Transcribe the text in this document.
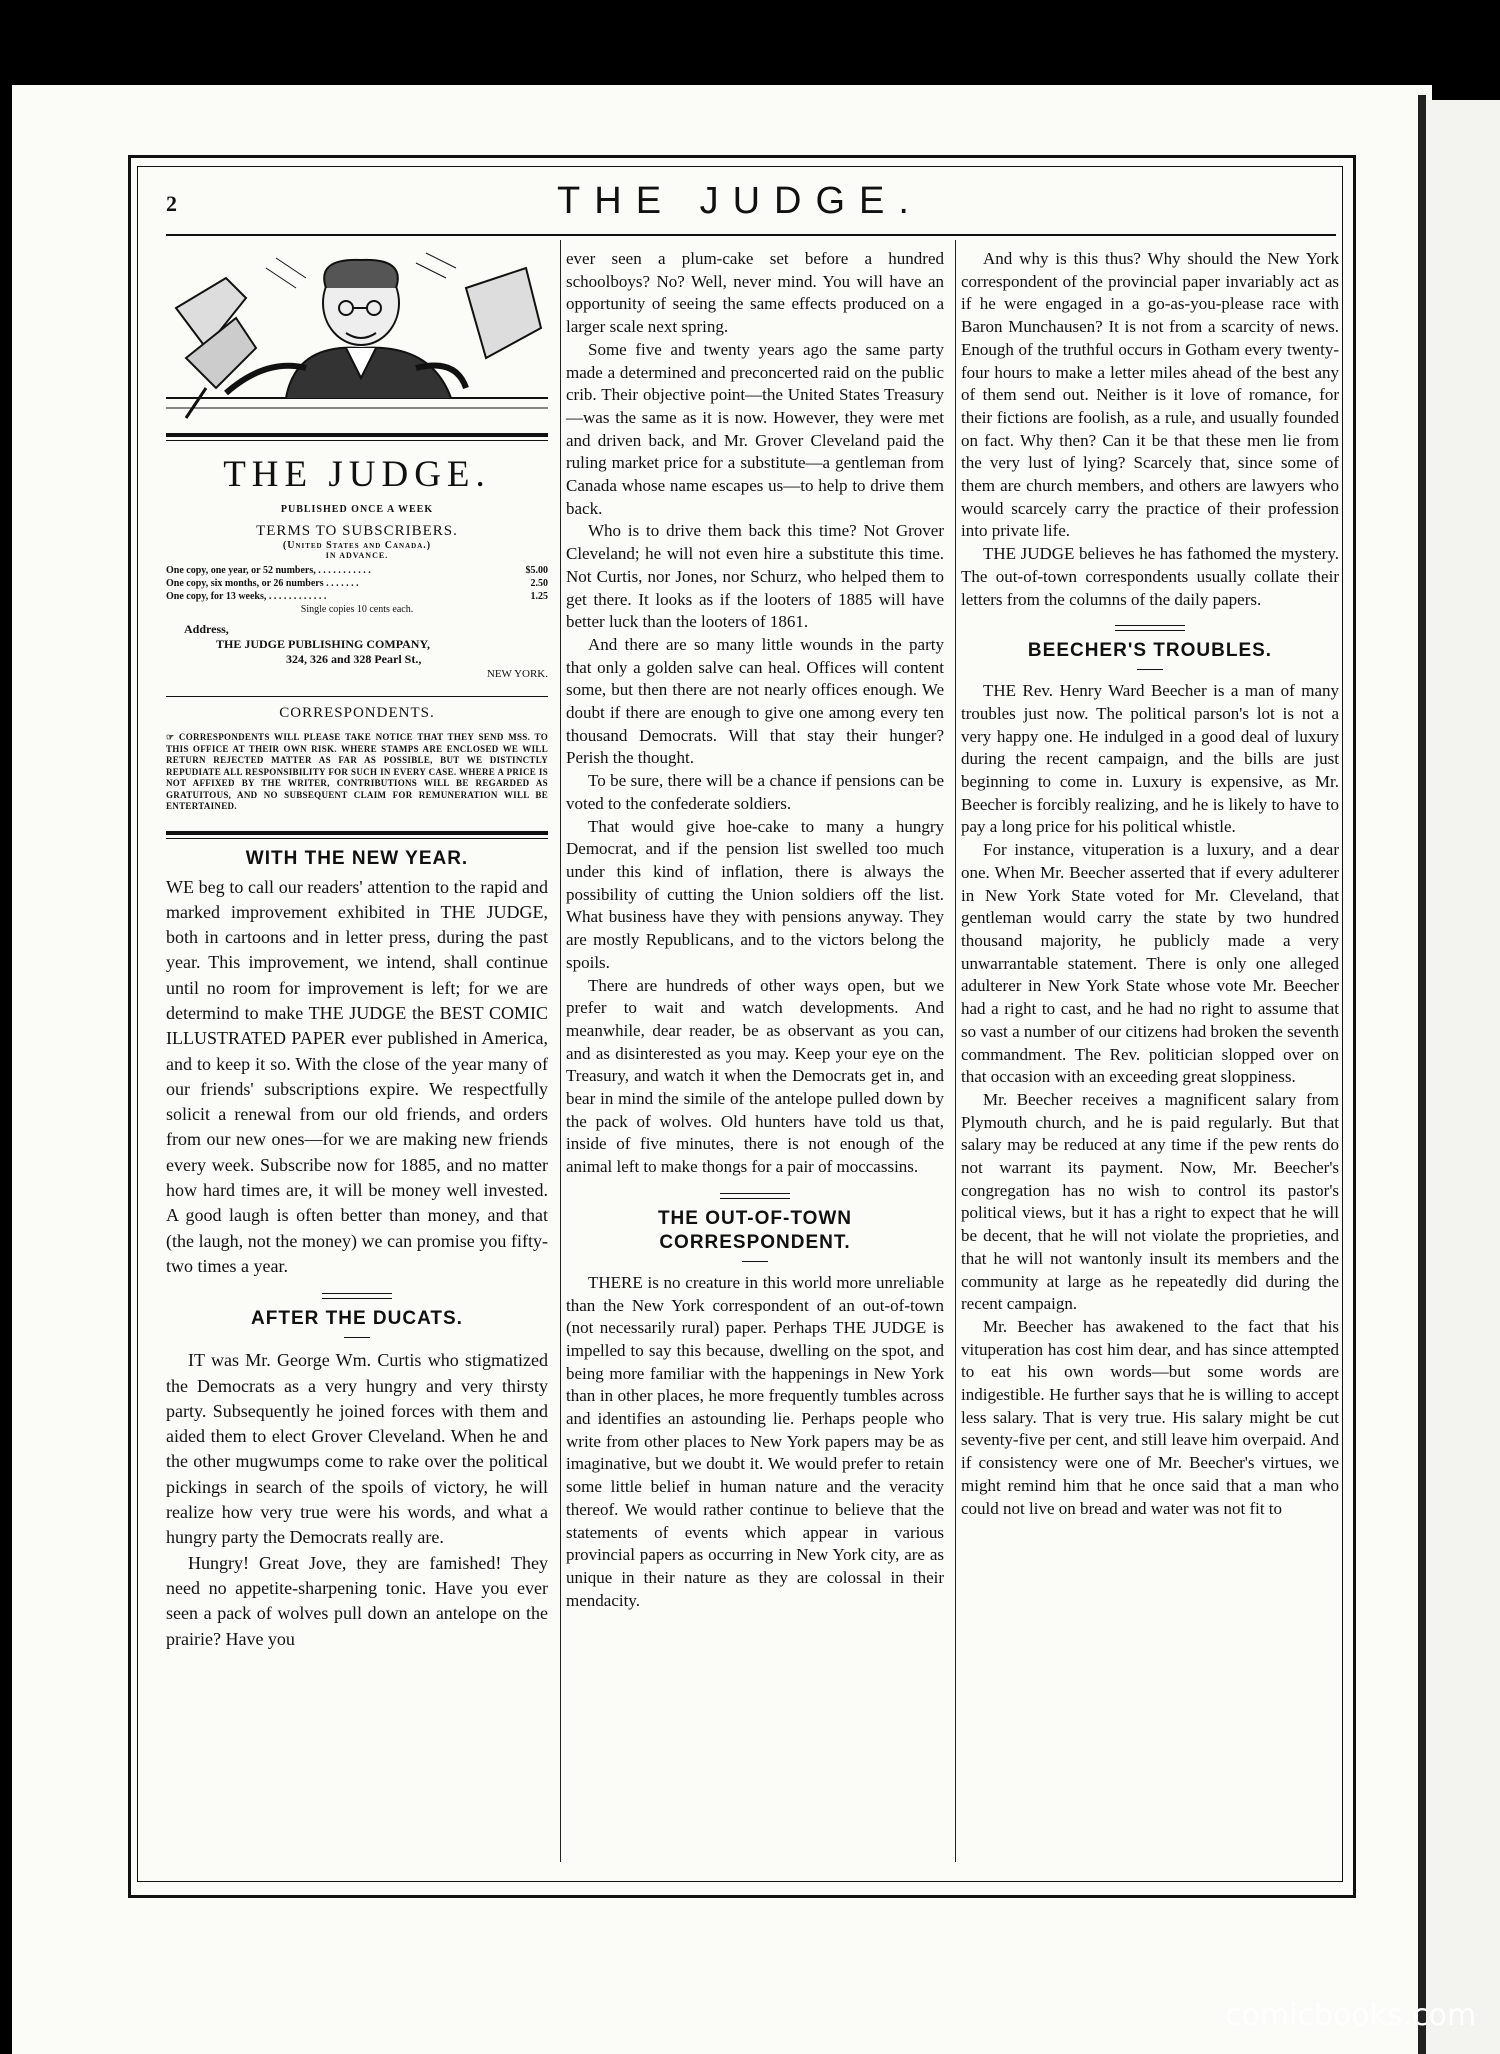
2	THE JUDGE.
THE JUDGE.
PUBLISHED ONCE A WEEK
TERMS TO SUBSCRIBERS.
(United States and Canada.)
IN ADVANCE.
One copy, one year, or 52 numbers, . . . . . . . . . . .	$5.00
One copy, six months, or 26 numbers . . . . . . .	2.50
One copy, for 13 weeks, . . . . . . . . . . . .	1.25
Single copies 10 cents each.
Address,
THE JUDGE PUBLISHING COMPANY,
324, 326 and 328 Pearl St.,
NEW YORK.
CORRESPONDENTS.
☞ CORRESPONDENTS WILL PLEASE TAKE NOTICE THAT THEY SEND MSS. TO THIS OFFICE AT THEIR OWN RISK. WHERE STAMPS ARE ENCLOSED WE WILL RETURN REJECTED MATTER AS FAR AS POSSIBLE, BUT WE DISTINCTLY REPUDIATE ALL RESPONSIBILITY FOR SUCH IN EVERY CASE. WHERE A PRICE IS NOT AFFIXED BY THE WRITER, CONTRIBUTIONS WILL BE REGARDED AS GRATUITOUS, AND NO SUBSEQUENT CLAIM FOR REMUNERATION WILL BE ENTERTAINED.
WITH THE NEW YEAR.

WE beg to call our readers' attention to the rapid and marked improvement exhibited in THE JUDGE, both in cartoons and in letter press, during the past year. This improvement, we intend, shall continue until no room for improvement is left; for we are determind to make THE JUDGE the BEST COMIC ILLUSTRATED PAPER ever published in America, and to keep it so. With the close of the year many of our friends' subscriptions expire. We respectfully solicit a renewal from our old friends, and orders from our new ones—for we are making new friends every week. Subscribe now for 1885, and no matter how hard times are, it will be money well invested. A good laugh is often better than money, and that (the laugh, not the money) we can promise you fifty-two times a year.

AFTER THE DUCATS.

IT was Mr. George Wm. Curtis who stigmatized the Democrats as a very hungry and very thirsty party. Subsequently he joined forces with them and aided them to elect Grover Cleveland. When he and the other mugwumps come to rake over the political pickings in search of the spoils of victory, he will realize how very true were his words, and what a hungry party the Democrats really are.

Hungry! Great Jove, they are famished! They need no appetite-sharpening tonic. Have you ever seen a pack of wolves pull down an antelope on the prairie? Have you

ever seen a plum-cake set before a hundred schoolboys? No? Well, never mind. You will have an opportunity of seeing the same effects produced on a larger scale next spring.

Some five and twenty years ago the same party made a determined and preconcerted raid on the public crib. Their objective point—the United States Treasury—was the same as it is now. However, they were met and driven back, and Mr. Grover Cleveland paid the ruling market price for a substitute—a gentleman from Canada whose name escapes us—to help to drive them back.

Who is to drive them back this time? Not Grover Cleveland; he will not even hire a substitute this time. Not Curtis, nor Jones, nor Schurz, who helped them to get there. It looks as if the looters of 1885 will have better luck than the looters of 1861.

And there are so many little wounds in the party that only a golden salve can heal. Offices will content some, but then there are not nearly offices enough. We doubt if there are enough to give one among every ten thousand Democrats. Will that stay their hunger? Perish the thought.

To be sure, there will be a chance if pensions can be voted to the confederate soldiers.

That would give hoe-cake to many a hungry Democrat, and if the pension list swelled too much under this kind of inflation, there is always the possibility of cutting the Union soldiers off the list. What business have they with pensions anyway. They are mostly Republicans, and to the victors belong the spoils.

There are hundreds of other ways open, but we prefer to wait and watch developments. And meanwhile, dear reader, be as observant as you can, and as disinterested as you may. Keep your eye on the Treasury, and watch it when the Democrats get in, and bear in mind the simile of the antelope pulled down by the pack of wolves. Old hunters have told us that, inside of five minutes, there is not enough of the animal left to make thongs for a pair of moccassins.

THE OUT-OF-TOWN CORRESPONDENT.

THERE is no creature in this world more unreliable than the New York correspondent of an out-of-town (not necessarily rural) paper. Perhaps THE JUDGE is impelled to say this because, dwelling on the spot, and being more familiar with the happenings in New York than in other places, he more frequently tumbles across and identifies an astounding lie. Perhaps people who write from other places to New York papers may be as imaginative, but we doubt it. We would prefer to retain some little belief in human nature and the veracity thereof. We would rather continue to believe that the statements of events which appear in various provincial papers as occurring in New York city, are as unique in their nature as they are colossal in their mendacity.

And why is this thus? Why should the New York correspondent of the provincial paper invariably act as if he were engaged in a go-as-you-please race with Baron Munchausen? It is not from a scarcity of news. Enough of the truthful occurs in Gotham every twenty-four hours to make a letter miles ahead of the best any of them send out. Neither is it love of romance, for their fictions are foolish, as a rule, and usually founded on fact. Why then? Can it be that these men lie from the very lust of lying? Scarcely that, since some of them are church members, and others are lawyers who would scarcely carry the practice of their profession into private life.

THE JUDGE believes he has fathomed the mystery. The out-of-town correspondents usually collate their letters from the columns of the daily papers.

BEECHER'S TROUBLES.

THE Rev. Henry Ward Beecher is a man of many troubles just now. The political parson's lot is not a very happy one. He indulged in a good deal of luxury during the recent campaign, and the bills are just beginning to come in. Luxury is expensive, as Mr. Beecher is forcibly realizing, and he is likely to have to pay a long price for his political whistle.

For instance, vituperation is a luxury, and a dear one. When Mr. Beecher asserted that if every adulterer in New York State voted for Mr. Cleveland, that gentleman would carry the state by two hundred thousand majority, he publicly made a very unwarrantable statement. There is only one alleged adulterer in New York State whose vote Mr. Beecher had a right to cast, and he had no right to assume that so vast a number of our citizens had broken the seventh commandment. The Rev. politician slopped over on that occasion with an exceeding great sloppiness.

Mr. Beecher receives a magnificent salary from Plymouth church, and he is paid regularly. But that salary may be reduced at any time if the pew rents do not warrant its payment. Now, Mr. Beecher's congregation has no wish to control its pastor's political views, but it has a right to expect that he will be decent, that he will not violate the proprieties, and that he will not wantonly insult its members and the community at large as he repeatedly did during the recent campaign.

Mr. Beecher has awakened to the fact that his vituperation has cost him dear, and has since attempted to eat his own words—but some words are indigestible. He further says that he is willing to accept less salary. That is very true. His salary might be cut seventy-five per cent, and still leave him overpaid. And if consistency were one of Mr. Beecher's virtues, we might remind him that he once said that a man who could not live on bread and water was not fit to

comicbooks.com
